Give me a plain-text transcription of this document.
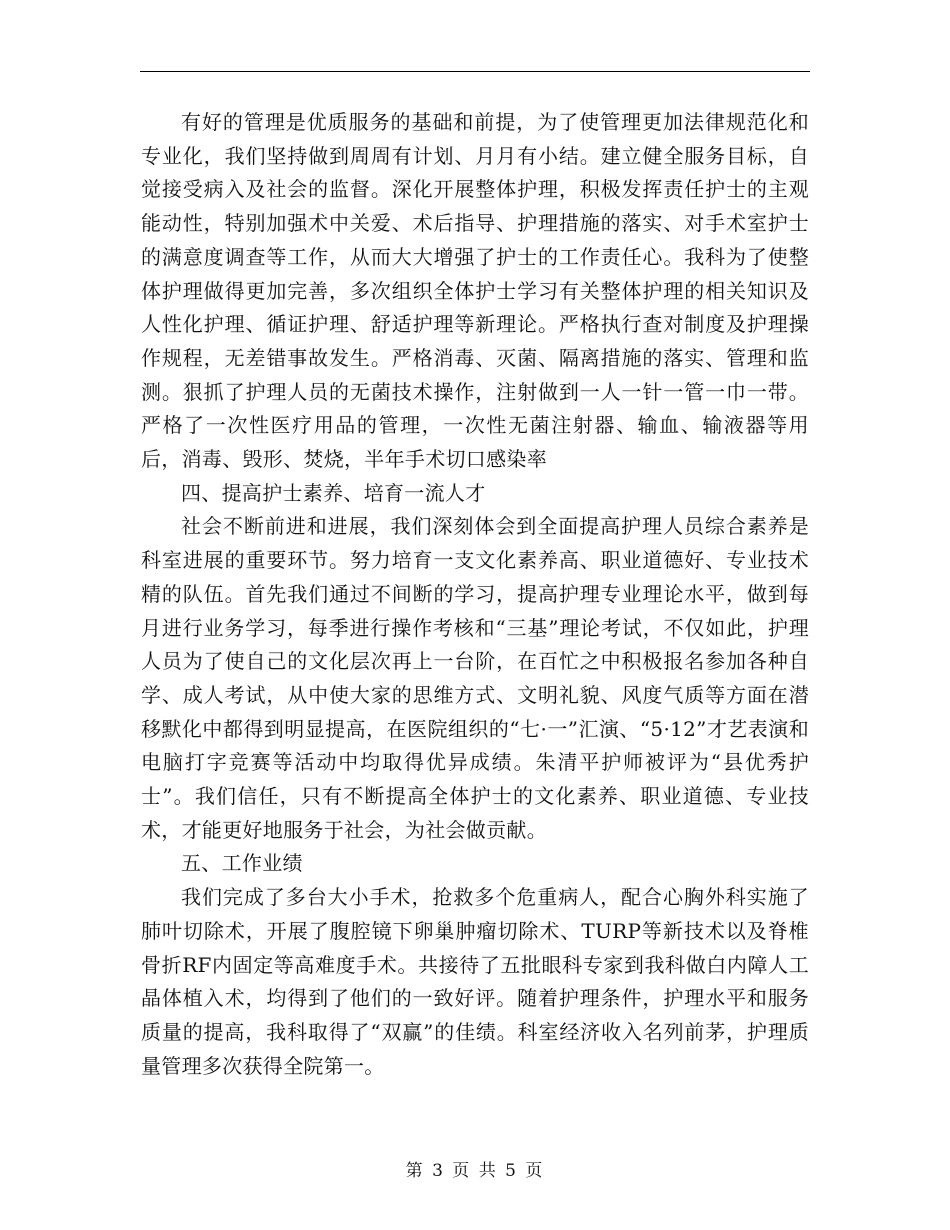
有好的管理是优质服务的基础和前提，为了使管理更加法律规范化和专业化，我们坚持做到周周有计划、月月有小结。建立健全服务目标，自觉接受病入及社会的监督。深化开展整体护理，积极发挥责任护士的主观能动性，特别加强术中关爱、术后指导、护理措施的落实、对手术室护士的满意度调查等工作，从而大大增强了护士的工作责任心。我科为了使整体护理做得更加完善，多次组织全体护士学习有关整体护理的相关知识及人性化护理、循证护理、舒适护理等新理论。严格执行查对制度及护理操作规程，无差错事故发生。严格消毒、灭菌、隔离措施的落实、管理和监测。狠抓了护理人员的无菌技术操作，注射做到一人一针一管一巾一带。严格了一次性医疗用品的管理，一次性无菌注射器、输血、输液器等用后，消毒、毁形、焚烧，半年手术切口感染率

四、提高护士素养、培育一流人才

社会不断前进和进展，我们深刻体会到全面提高护理人员综合素养是科室进展的重要环节。努力培育一支文化素养高、职业道德好、专业技术精的队伍。首先我们通过不间断的学习，提高护理专业理论水平，做到每月进行业务学习，每季进行操作考核和“三基”理论考试，不仅如此，护理人员为了使自己的文化层次再上一台阶，在百忙之中积极报名参加各种自学、成人考试，从中使大家的思维方式、文明礼貌、风度气质等方面在潜移默化中都得到明显提高，在医院组织的“七·一”汇演、“5·12”才艺表演和电脑打字竞赛等活动中均取得优异成绩。朱清平护师被评为“县优秀护士”。我们信任，只有不断提高全体护士的文化素养、职业道德、专业技术，才能更好地服务于社会，为社会做贡献。

五、工作业绩

我们完成了多台大小手术，抢救多个危重病人，配合心胸外科实施了肺叶切除术，开展了腹腔镜下卵巢肿瘤切除术、TURP等新技术以及脊椎骨折RF内固定等高难度手术。共接待了五批眼科专家到我科做白内障人工晶体植入术，均得到了他们的一致好评。随着护理条件，护理水平和服务质量的提高，我科取得了“双赢”的佳绩。科室经济收入名列前茅，护理质量管理多次获得全院第一。

第 3 页 共 5 页
